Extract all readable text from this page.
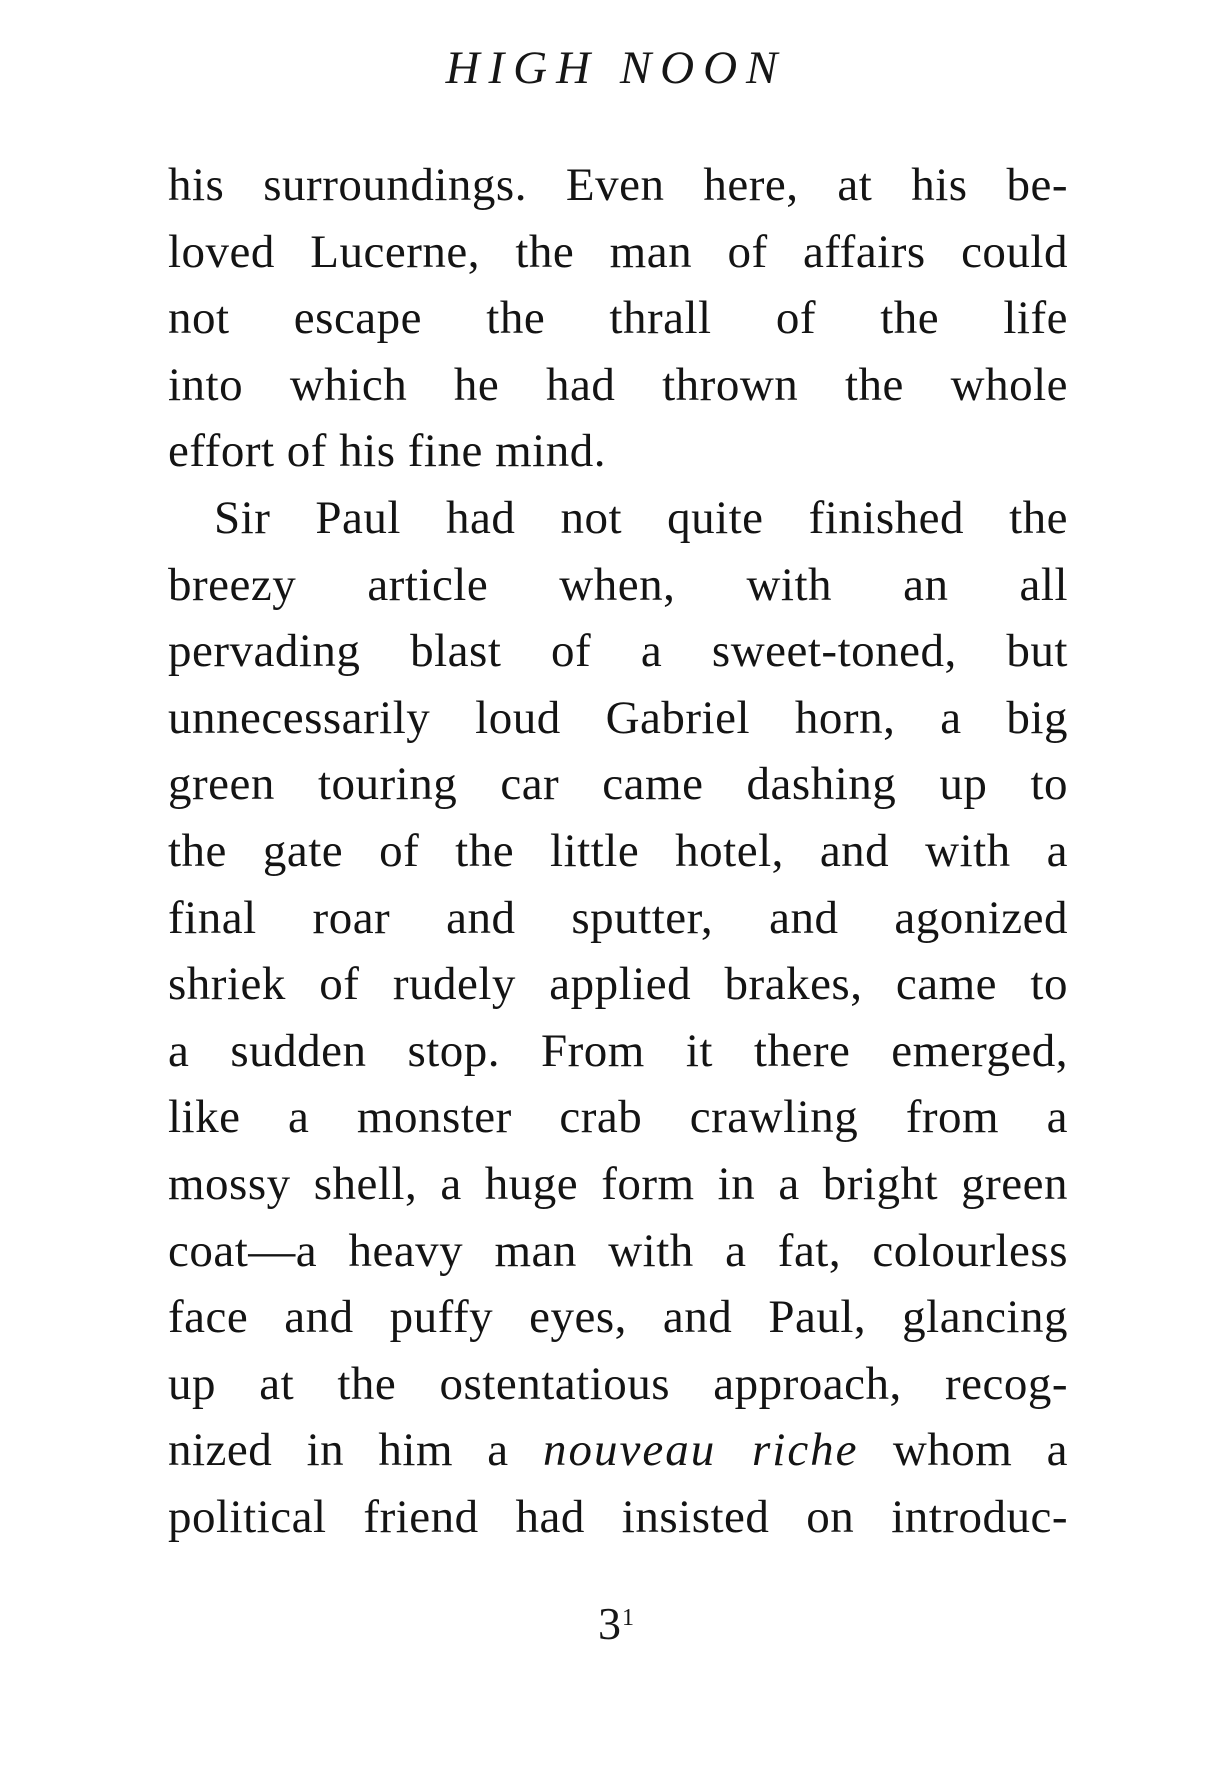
HIGH NOON
his surroundings. Even here, at his be-
loved Lucerne, the man of affairs could
not escape the thrall of the life
into which he had thrown the whole
effort of his fine mind.
Sir Paul had not quite finished the
breezy article when, with an all
pervading blast of a sweet-toned, but
unnecessarily loud Gabriel horn, a big
green touring car came dashing up to
the gate of the little hotel, and with a
final roar and sputter, and agonized
shriek of rudely applied brakes, came to
a sudden stop. From it there emerged,
like a monster crab crawling from a
mossy shell, a huge form in a bright green
coat—a heavy man with a fat, colourless
face and puffy eyes, and Paul, glancing
up at the ostentatious approach, recog-
nized in him a nouveau riche whom a
political friend had insisted on introduc-
$3^1$
